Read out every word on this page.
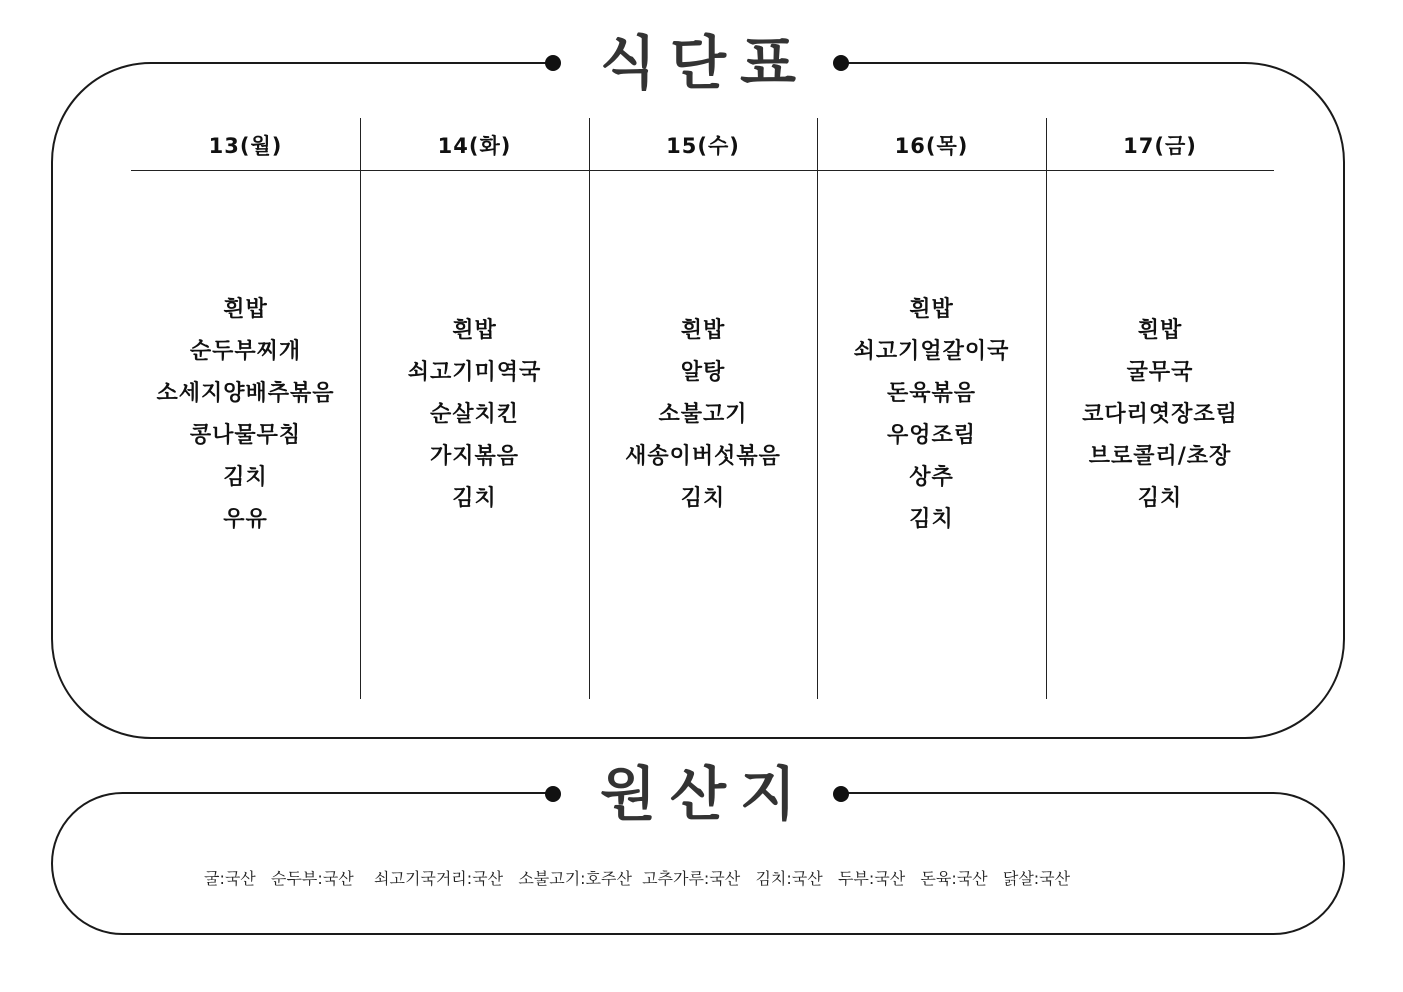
식단표
13(월)
흰밥
순두부찌개
소세지양배추볶음
콩나물무침
김치
우유
14(화)
흰밥
쇠고기미역국
순살치킨
가지볶음
김치
15(수)
흰밥
알탕
소불고기
새송이버섯볶음
김치
16(목)
흰밥
쇠고기얼갈이국
돈육볶음
우엉조림
상추
김치
17(금)
흰밥
굴무국
코다리엿장조림
브로콜리/초장
김치
원산지
굴:국산   순두부:국산    쇠고기국거리:국산   소불고기:호주산  고추가루:국산   김치:국산   두부:국산   돈육:국산   닭살:국산
